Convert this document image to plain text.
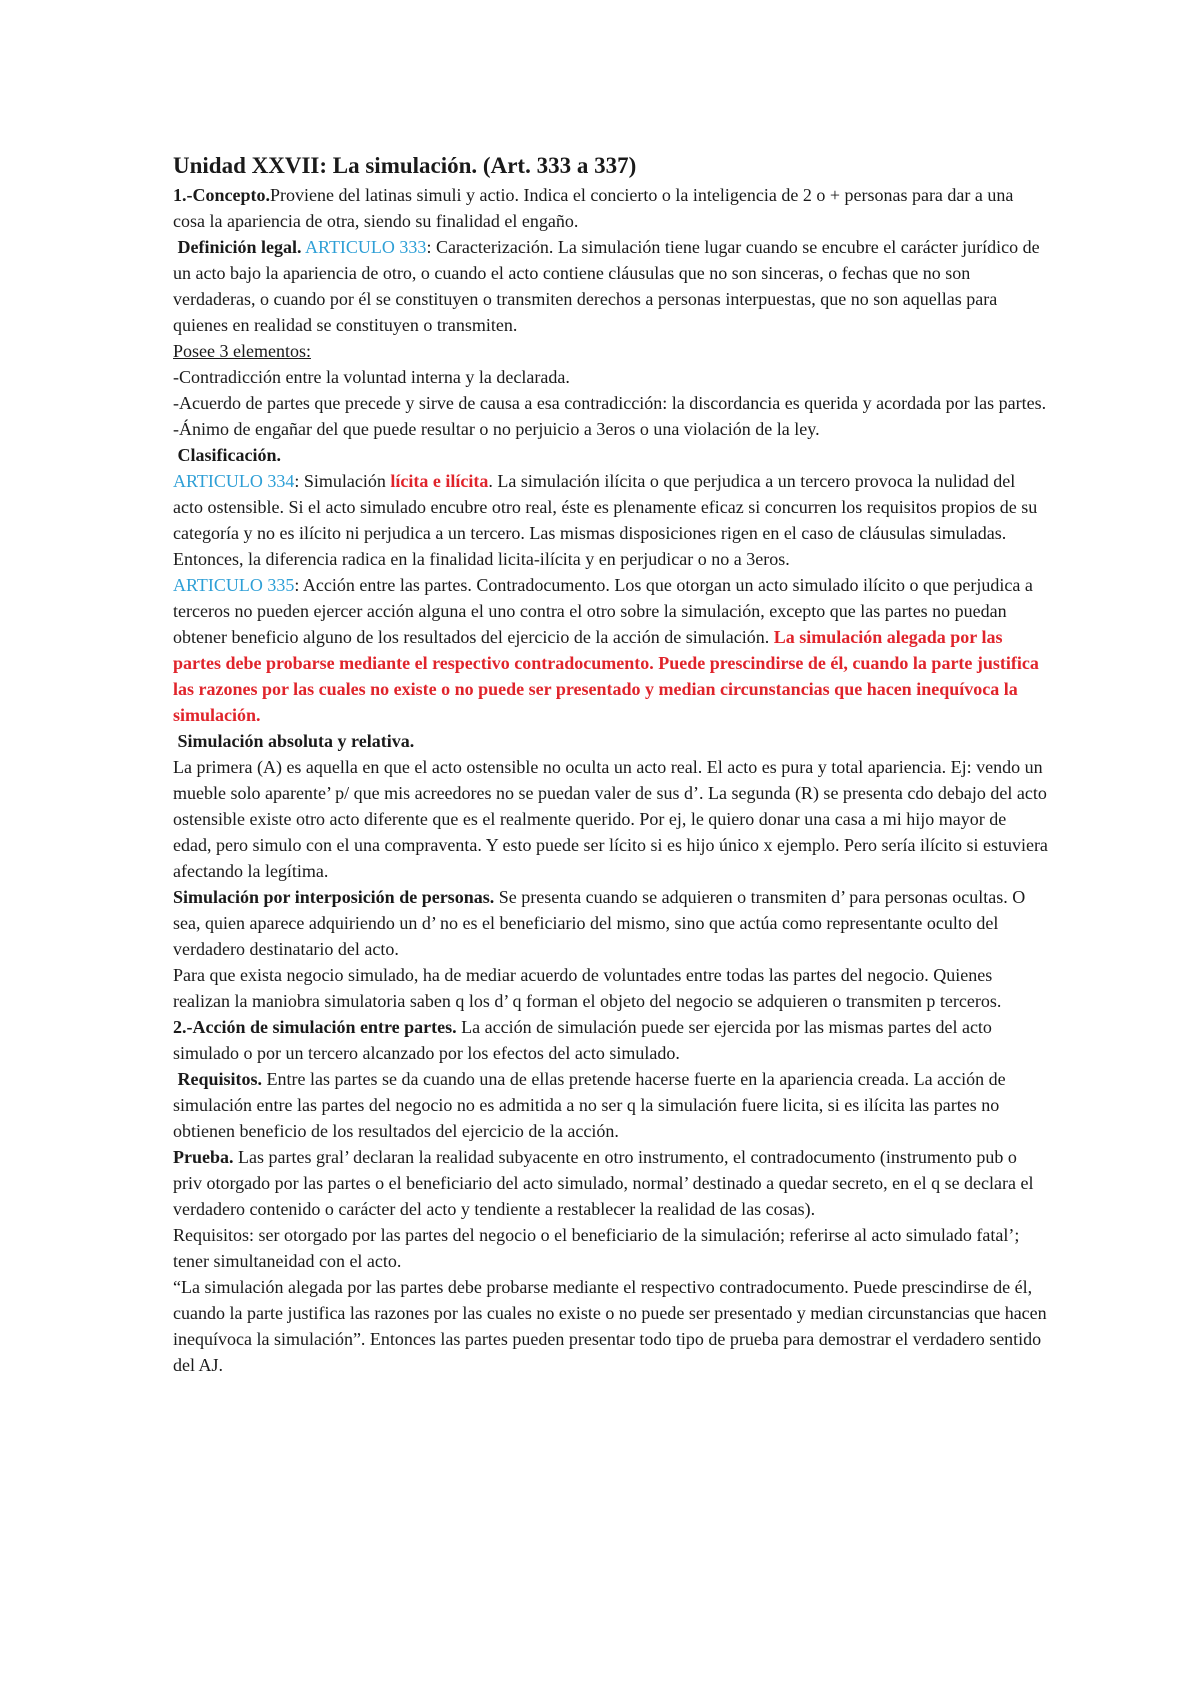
Unidad XXVII: La simulación. (Art. 333 a 337)

1.-Concepto.Proviene del latinas simuli y actio. Indica el concierto o la inteligencia de 2 o + personas para dar a una cosa la apariencia de otra, siendo su finalidad el engaño.

Definición legal. ARTICULO 333: Caracterización. La simulación tiene lugar cuando se encubre el carácter jurídico de un acto bajo la apariencia de otro, o cuando el acto contiene cláusulas que no son sinceras, o fechas que no son verdaderas, o cuando por él se constituyen o transmiten derechos a personas interpuestas, que no son aquellas para quienes en realidad se constituyen o transmiten.

Posee 3 elementos:

-Contradicción entre la voluntad interna y la declarada.

-Acuerdo de partes que precede y sirve de causa a esa contradicción: la discordancia es querida y acordada por las partes.

-Ánimo de engañar del que puede resultar o no perjuicio a 3eros o una violación de la ley.

Clasificación.

ARTICULO 334: Simulación lícita e ilícita. La simulación ilícita o que perjudica a un tercero provoca la nulidad del acto ostensible. Si el acto simulado encubre otro real, éste es plenamente eficaz si concurren los requisitos propios de su categoría y no es ilícito ni perjudica a un tercero. Las mismas disposiciones rigen en el caso de cláusulas simuladas.

Entonces, la diferencia radica en la finalidad licita-ilícita y en perjudicar o no a 3eros.

ARTICULO 335: Acción entre las partes. Contradocumento. Los que otorgan un acto simulado ilícito o que perjudica a terceros no pueden ejercer acción alguna el uno contra el otro sobre la simulación, excepto que las partes no puedan obtener beneficio alguno de los resultados del ejercicio de la acción de simulación. La simulación alegada por las partes debe probarse mediante el respectivo contradocumento. Puede prescindirse de él, cuando la parte justifica las razones por las cuales no existe o no puede ser presentado y median circunstancias que hacen inequívoca la simulación.

Simulación absoluta y relativa.

La primera (A) es aquella en que el acto ostensible no oculta un acto real. El acto es pura y total apariencia. Ej: vendo un mueble solo aparente’ p/ que mis acreedores no se puedan valer de sus d’. La segunda (R) se presenta cdo debajo del acto ostensible existe otro acto diferente que es el realmente querido. Por ej, le quiero donar una casa a mi hijo mayor de edad, pero simulo con el una compraventa. Y esto puede ser lícito si es hijo único x ejemplo. Pero sería ilícito si estuviera afectando la legítima.

Simulación por interposición de personas. Se presenta cuando se adquieren o transmiten d’ para personas ocultas. O sea, quien aparece adquiriendo un d’ no es el beneficiario del mismo, sino que actúa como representante oculto del verdadero destinatario del acto.

Para que exista negocio simulado, ha de mediar acuerdo de voluntades entre todas las partes del negocio. Quienes realizan la maniobra simulatoria saben q los d’ q forman el objeto del negocio se adquieren o transmiten p terceros.

2.-Acción de simulación entre partes. La acción de simulación puede ser ejercida por las mismas partes del acto simulado o por un tercero alcanzado por los efectos del acto simulado.

Requisitos. Entre las partes se da cuando una de ellas pretende hacerse fuerte en la apariencia creada. La acción de simulación entre las partes del negocio no es admitida a no ser q la simulación fuere licita, si es ilícita las partes no obtienen beneficio de los resultados del ejercicio de la acción.

Prueba. Las partes gral’ declaran la realidad subyacente en otro instrumento, el contradocumento (instrumento pub o priv otorgado por las partes o el beneficiario del acto simulado, normal’ destinado a quedar secreto, en el q se declara el verdadero contenido o carácter del acto y tendiente a restablecer la realidad de las cosas).

Requisitos: ser otorgado por las partes del negocio o el beneficiario de la simulación; referirse al acto simulado fatal’; tener simultaneidad con el acto.

“La simulación alegada por las partes debe probarse mediante el respectivo contradocumento. Puede prescindirse de él, cuando la parte justifica las razones por las cuales no existe o no puede ser presentado y median circunstancias que hacen inequívoca la simulación”. Entonces las partes pueden presentar todo tipo de prueba para demostrar el verdadero sentido del AJ.
